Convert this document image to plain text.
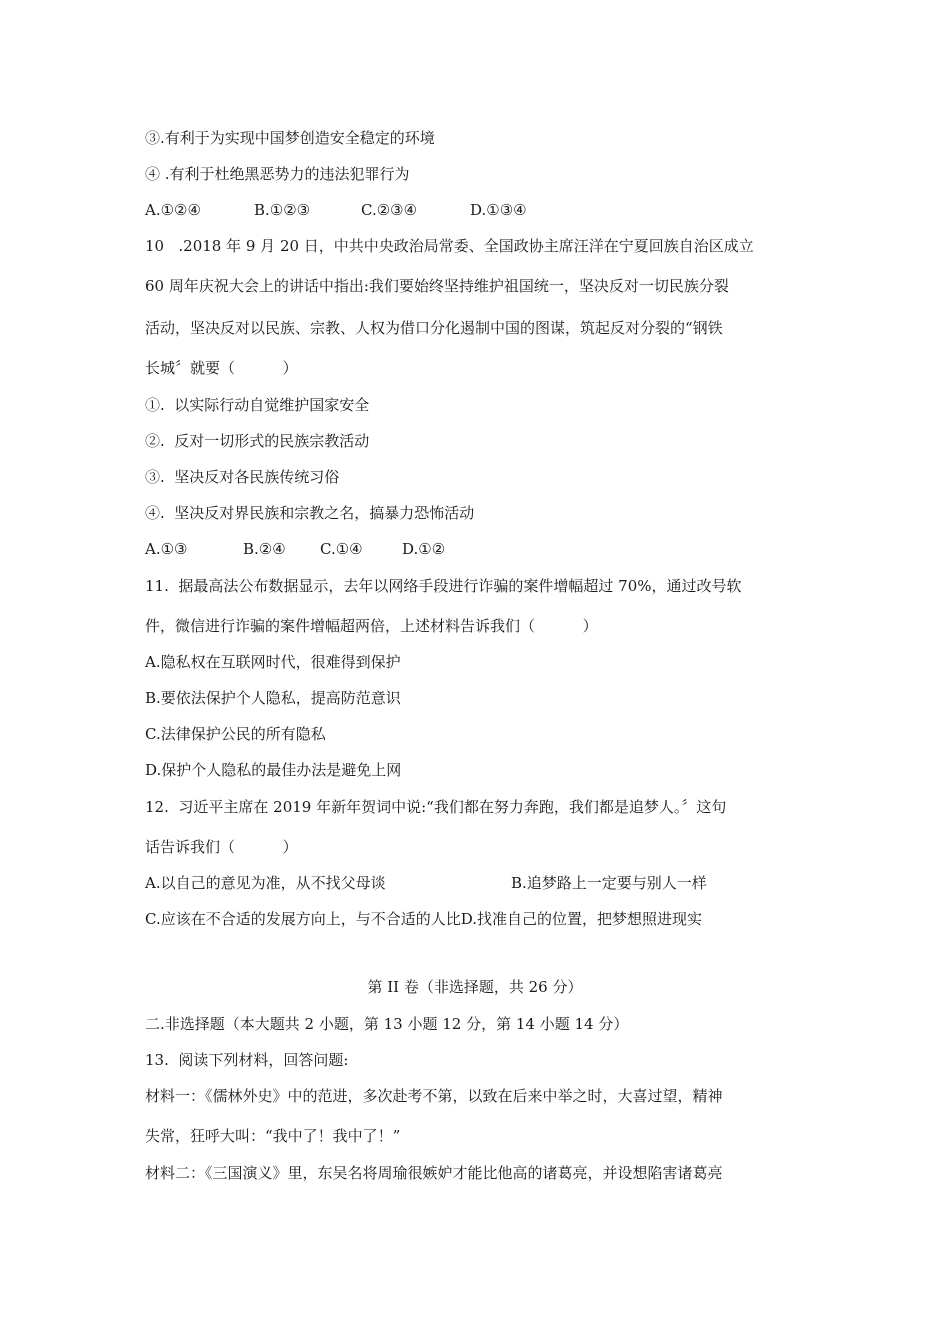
③.有利于为实现中国梦创造安全稳定的环境
④ .有利于杜绝黑恶势力的违法犯罪行为
A.①②④	B.①②③	C.②③④	D.①③④
10   .2018 年 9 月 20 日，中共中央政治局常委、全国政协主席汪洋在宁夏回族自治区成立
60 周年庆祝大会上的讲话中指出:我们要始终坚持维护祖国统一，坚决反对一切民族分裂
活动，坚决反对以民族、宗教、人权为借口分化遏制中国的图谋，筑起反对分裂的“钢铁
长城〞就要（          ）
①.  以实际行动自觉维护国家安全
②.  反对一切形式的民族宗教活动
③.  坚决反对各民族传统习俗
④.  坚决反对界民族和宗教之名，搞暴力恐怖活动
A.①③	B.②④ C.①④	D.①②
11.  据最高法公布数据显示，去年以网络手段进行诈骗的案件增幅超过 70%，通过改号软
件，微信进行诈骗的案件增幅超两倍，上述材料告诉我们（          ）
A.隐私权在互联网时代，很难得到保护
B.要依法保护个人隐私，提高防范意识
C.法律保护公民的所有隐私
D.保护个人隐私的最佳办法是避免上网
12.  习近平主席在 2019 年新年贺词中说:“我们都在努力奔跑，我们都是追梦人。〞这句
话告诉我们（          ）
A.以自己的意见为准，从不找父母谈	B.追梦路上一定要与别人一样
C.应该在不合适的发展方向上，与不合适的人比D.找准自己的位置，把梦想照进现实
第 II 卷（非选择题，共 26 分）
二.非选择题（本大题共 2 小题，第 13 小题 12 分，第 14 小题 14 分）
13.  阅读下列材料，回答问题:
材料一：《儒林外史》中的范进，多次赴考不第，以致在后来中举之时，大喜过望，精神
失常，狂呼大叫：“我中了！我中了！”
材料二：《三国演义》里，东吴名将周瑜很嫉妒才能比他高的诸葛亮，并设想陷害诸葛亮
